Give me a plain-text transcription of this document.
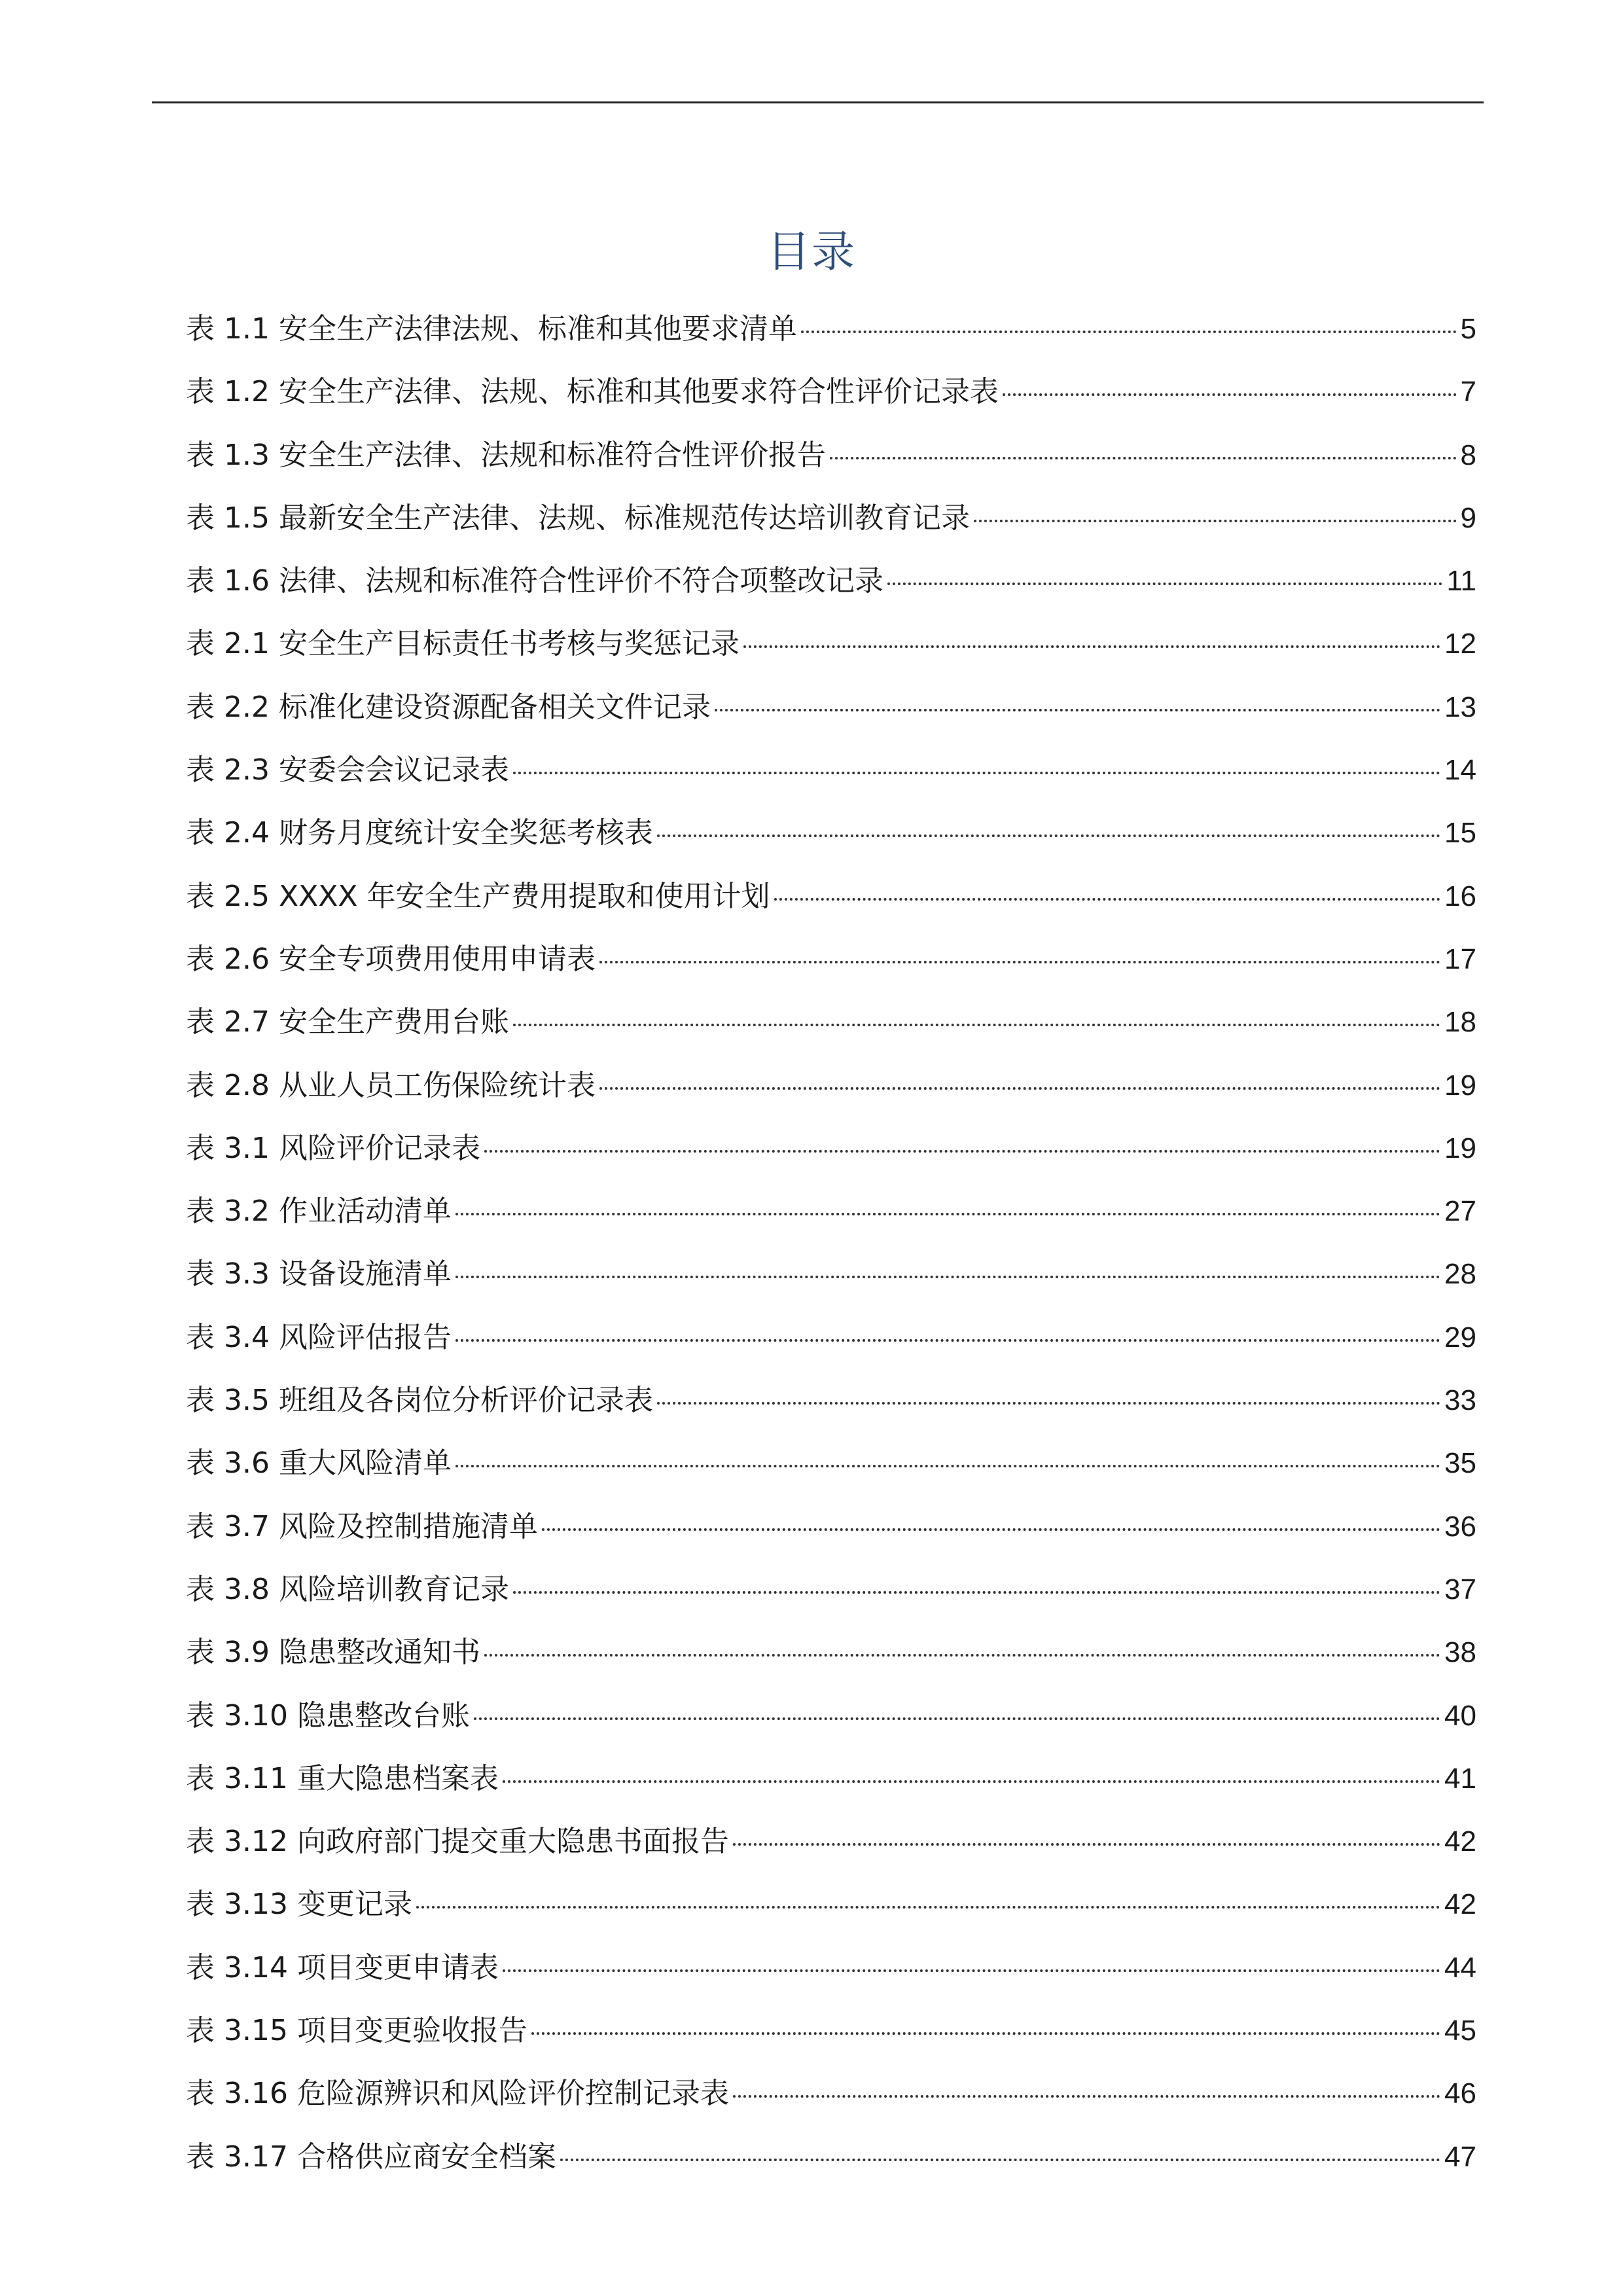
目录
表 1.1 安全生产法律法规、标准和其他要求清单	5
表 1.2 安全生产法律、法规、标准和其他要求符合性评价记录表	7
表 1.3 安全生产法律、法规和标准符合性评价报告	8
表 1.5 最新安全生产法律、法规、标准规范传达培训教育记录	9
表 1.6 法律、法规和标准符合性评价不符合项整改记录	11
表 2.1 安全生产目标责任书考核与奖惩记录	12
表 2.2 标准化建设资源配备相关文件记录	13
表 2.3 安委会会议记录表	14
表 2.4 财务月度统计安全奖惩考核表	15
表 2.5 XXXX 年安全生产费用提取和使用计划	16
表 2.6 安全专项费用使用申请表	17
表 2.7 安全生产费用台账	18
表 2.8 从业人员工伤保险统计表	19
表 3.1 风险评价记录表	19
表 3.2 作业活动清单	27
表 3.3 设备设施清单	28
表 3.4 风险评估报告	29
表 3.5 班组及各岗位分析评价记录表	33
表 3.6 重大风险清单	35
表 3.7 风险及控制措施清单	36
表 3.8 风险培训教育记录	37
表 3.9 隐患整改通知书	38
表 3.10 隐患整改台账	40
表 3.11 重大隐患档案表	41
表 3.12 向政府部门提交重大隐患书面报告	42
表 3.13 变更记录	42
表 3.14 项目变更申请表	44
表 3.15 项目变更验收报告	45
表 3.16 危险源辨识和风险评价控制记录表	46
表 3.17 合格供应商安全档案	47
